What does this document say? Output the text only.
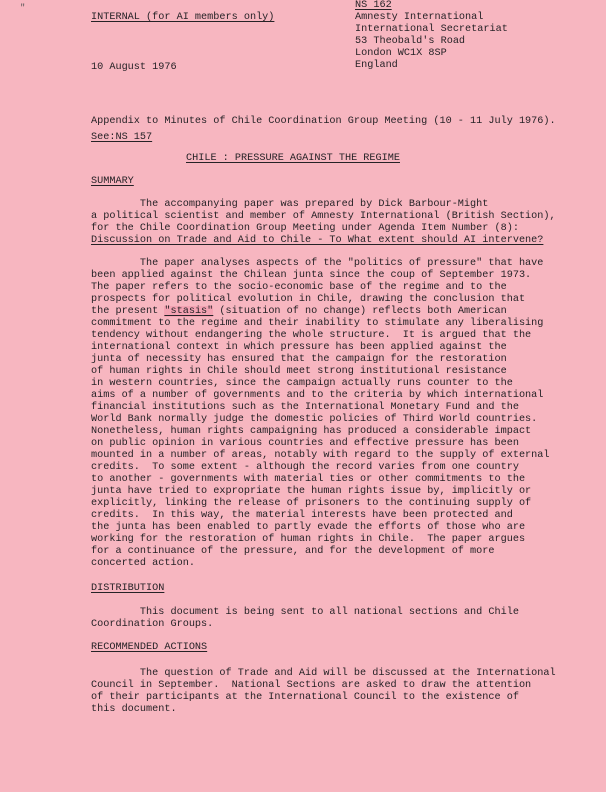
"
INTERNAL (for AI members only)
10 August 1976
NS 162
Amnesty International
International Secretariat
53 Theobald's Road
London WC1X 8SP
England
Appendix to Minutes of Chile Coordination Group Meeting (10 - 11 July 1976).
See:NS 157
CHILE : PRESSURE AGAINST THE REGIME
SUMMARY
The accompanying paper was prepared by Dick Barbour-Might
a political scientist and member of Amnesty International (British Section),
for the Chile Coordination Group Meeting under Agenda Item Number (8):
Discussion on Trade and Aid to Chile - To What extent should AI intervene?
The paper analyses aspects of the "politics of pressure" that have
been applied against the Chilean junta since the coup of September 1973.
The paper refers to the socio-economic base of the regime and to the
prospects for political evolution in Chile, drawing the conclusion that
the present "stasis" (situation of no change) reflects both American
commitment to the regime and their inability to stimulate any liberalising
tendency without endangering the whole structure.  It is argued that the
international context in which pressure has been applied against the
junta of necessity has ensured that the campaign for the restoration
of human rights in Chile should meet strong institutional resistance
in western countries, since the campaign actually runs counter to the
aims of a number of governments and to the criteria by which international
financial institutions such as the International Monetary Fund and the
World Bank normally judge the domestic policies of Third World countries.
Nonetheless, human rights campaigning has produced a considerable impact
on public opinion in various countries and effective pressure has been
mounted in a number of areas, notably with regard to the supply of external
credits.  To some extent - although the record varies from one country
to another - governments with material ties or other commitments to the
junta have tried to expropriate the human rights issue by, implicitly or
explicitly, linking the release of prisoners to the continuing supply of
credits.  In this way, the material interests have been protected and
the junta has been enabled to partly evade the efforts of those who are
working for the restoration of human rights in Chile.  The paper argues
for a continuance of the pressure, and for the development of more
concerted action.
DISTRIBUTION
This document is being sent to all national sections and Chile
Coordination Groups.
RECOMMENDED ACTIONS
The question of Trade and Aid will be discussed at the International
Council in September.  National Sections are asked to draw the attention
of their participants at the International Council to the existence of
this document.
